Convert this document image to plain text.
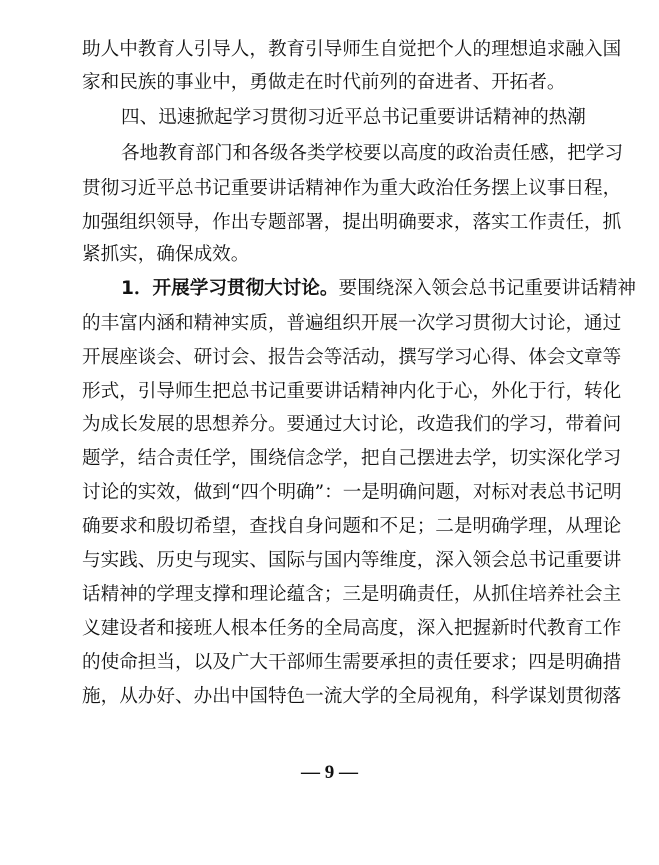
助人中教育人引导人，教育引导师生自觉把个人的理想追求融入国
家和民族的事业中，勇做走在时代前列的奋进者、开拓者。
四、迅速掀起学习贯彻习近平总书记重要讲话精神的热潮
各地教育部门和各级各类学校要以高度的政治责任感，把学习
贯彻习近平总书记重要讲话精神作为重大政治任务摆上议事日程，
加强组织领导，作出专题部署，提出明确要求，落实工作责任，抓
紧抓实，确保成效。
1．开展学习贯彻大讨论。要围绕深入领会总书记重要讲话精神
的丰富内涵和精神实质，普遍组织开展一次学习贯彻大讨论，通过
开展座谈会、研讨会、报告会等活动，撰写学习心得、体会文章等
形式，引导师生把总书记重要讲话精神内化于心，外化于行，转化
为成长发展的思想养分。要通过大讨论，改造我们的学习，带着问
题学，结合责任学，围绕信念学，把自己摆进去学，切实深化学习
讨论的实效，做到“四个明确”：一是明确问题，对标对表总书记明
确要求和殷切希望，查找自身问题和不足；二是明确学理，从理论
与实践、历史与现实、国际与国内等维度，深入领会总书记重要讲
话精神的学理支撑和理论蕴含；三是明确责任，从抓住培养社会主
义建设者和接班人根本任务的全局高度，深入把握新时代教育工作
的使命担当，以及广大干部师生需要承担的责任要求；四是明确措
施，从办好、办出中国特色一流大学的全局视角，科学谋划贯彻落
— 9 —
